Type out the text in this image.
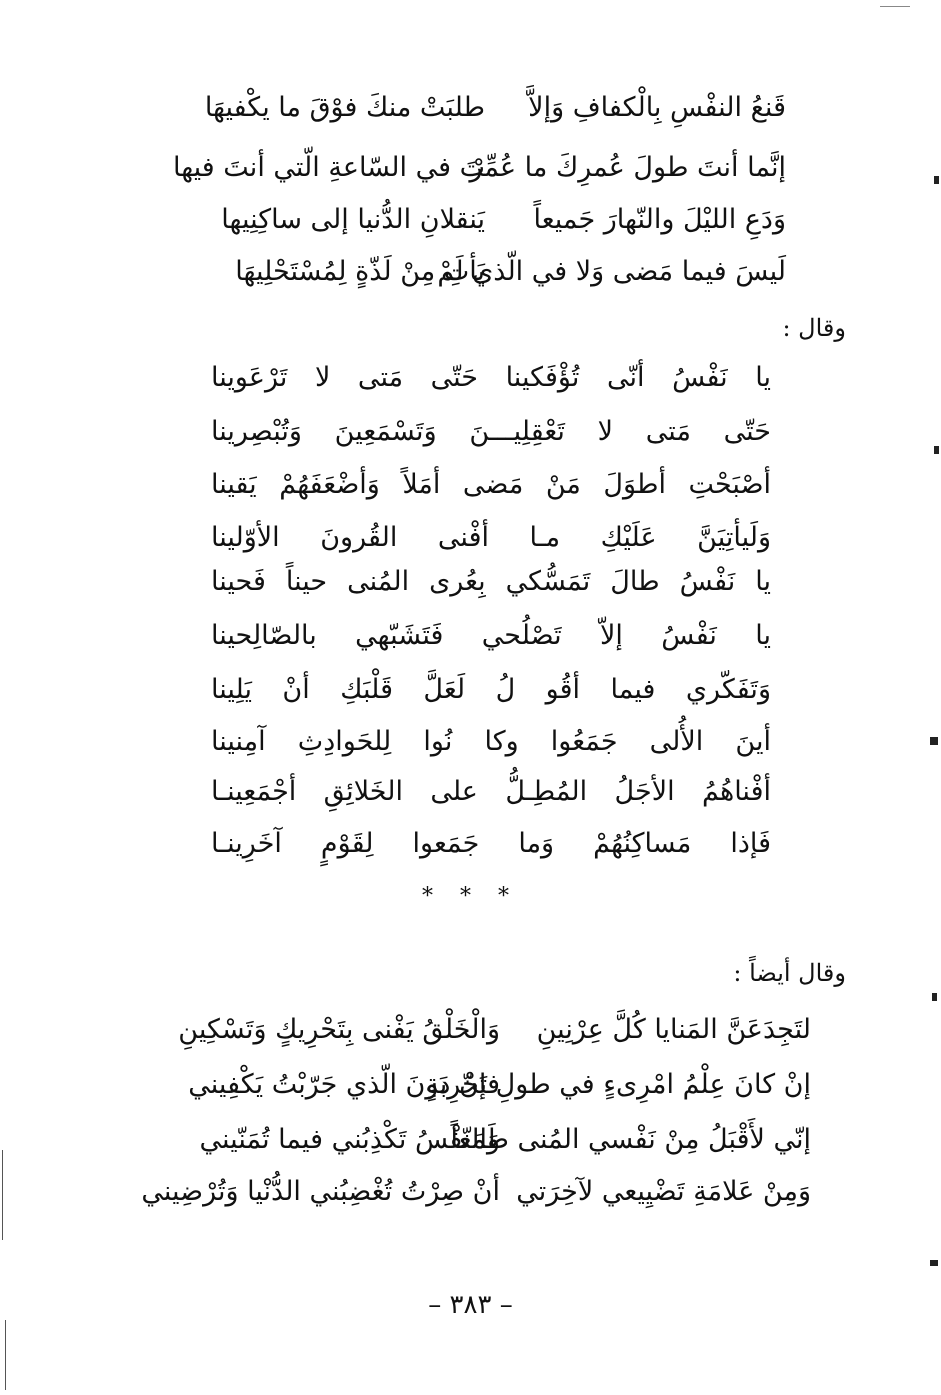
قَنعُ النفْسِ بِالْكفافِ وَإلاَّ
طلبَتْ منكَ فوْقَ ما يكْفيهَا
إنَّما أنتَ طولَ عُمرِكَ ما عُمِّرْ
تَ في السّاعةِ الّتي أنتَ فيها
وَدَعِ الليْلَ والنّهارَ جَميعاً
يَنقلانِ الدُّنيا إلى ساكِنِيها
لَيسَ فيما مَضى وَلا في الّذي لَمْ
يَأتِ مِنْ لَذّةٍ لِمُسْتَحْلِيهَا
وقال :
يا نَفْسُ أنّى تُؤْفَكينا حَتّى مَتى لا تَرْعَوينا
حَتّى مَتى لا تَعْقِلِيـــنَ وَتَسْمَعِينَ وَتُبْصِرينا
أصْبَحْتِ أطوَلَ مَنْ مَضى أمَلاً وَأضْعَفَهُمْ يَقينا
وَلَيأتِيَنَّ عَلَيْكِ مـا أفْنى القُرونَ الأوّلينا
يا نَفْسُ طالَ تَمَسُّكي بِعُرى المُنى حيناً فَحينا
يا نَفْسُ إلاّ تَصْلُحي فَتَشَبّهي بالصّالِحينا
وَتَفَكّري فيما أقُو لُ لَعَلَّ قَلْبَكِ أنْ يَلِينا
أينَ الأُلى جَمَعُوا وكا نُوا لِلحَوادِثِ آمِنينا
أفْناهُمُ الأجَلُ المُطِـلُّ على الخَلائِقِ أجْمَعِينـا
فَإذا مَساكِنُهُمْ وَما جَمَعوا لِقَوْمٍ آخَرِينـا
* * *
وقال أيضاً :
لتَجِدَعَنَّ المَنايا كُلَّ عِرْنِينِ
وَالْخَلْقُ يَفْنى بِتَحْرِيكٍ وَتَسْكِينِ
إنْ كانَ عِلْمُ امْرِىءٍ في طولِ تَجْرِبَةٍ
فإنّ دونَ الّذي جَرّبْتُ يَكْفِيني
إنّي لأَقْبَلُ مِنْ نَفْسي المُنى طَمَعاً
وَالنّفْسُ تَكْذِبُني فيما تُمَنّيني
وَمِنْ عَلامَةِ تَضْيِيعي لآخِرَتي
أنْ صِرْتُ تُغْضِبُني الدُّنْيا وَتُرْضِيني
– ٣٨٣ –
